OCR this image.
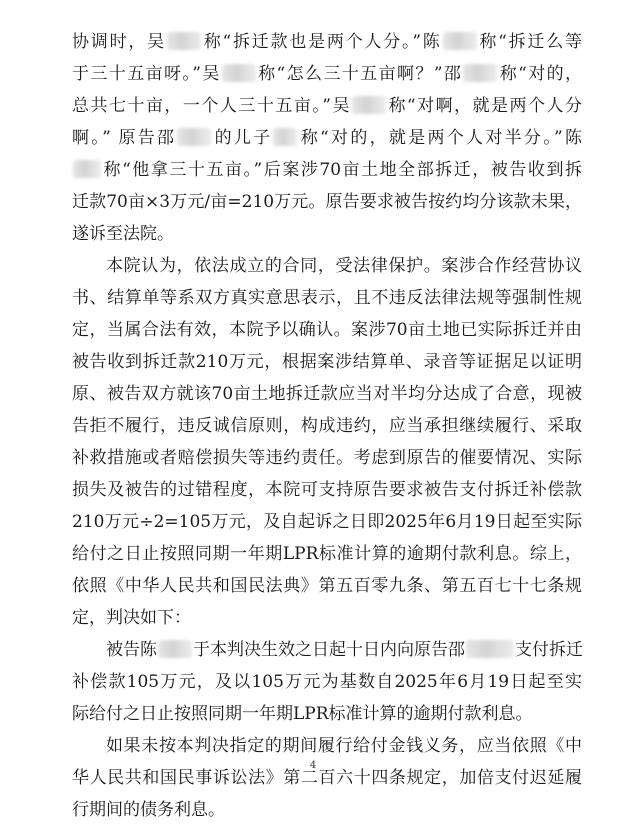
协调时，吴 称“拆迁款也是两个人分。”陈 称“拆迁么等
于三十五亩呀。”吴 称“怎么三十五亩啊？”邵 称“对的，
总共七十亩，一个人三十五亩。”吴 称“对啊，就是两个人分
啊。” 原告邵 的儿子 称“对的，就是两个人对半分。”陈
称“他拿三十五亩。”后案涉70亩土地全部拆迁，被告收到拆
迁款70亩×3万元/亩=210万元。原告要求被告按约均分该款未果，
遂诉至法院。
本院认为，依法成立的合同，受法律保护。案涉合作经营协议
书、结算单等系双方真实意思表示，且不违反法律法规等强制性规
定，当属合法有效，本院予以确认。案涉70亩土地已实际拆迁并由
被告收到拆迁款210万元，根据案涉结算单、录音等证据足以证明
原、被告双方就该70亩土地拆迁款应当对半均分达成了合意，现被
告拒不履行，违反诚信原则，构成违约，应当承担继续履行、采取
补救措施或者赔偿损失等违约责任。考虑到原告的催要情况、实际
损失及被告的过错程度，本院可支持原告要求被告支付拆迁补偿款
210万元÷2=105万元，及自起诉之日即2025年6月19日起至实际
给付之日止按照同期一年期LPR标准计算的逾期付款利息。综上，
依照《中华人民共和国民法典》第五百零九条、第五百七十七条规
定，判决如下：
被告陈 于本判决生效之日起十日内向原告邵	支付拆迁
补偿款105万元，及以105万元为基数自2025年6月19日起至实
际给付之日止按照同期一年期LPR标准计算的逾期付款利息。
如果未按本判决指定的期间履行给付金钱义务，应当依照《中
华人民共和国民事诉讼法》第二百六十四条规定，加倍支付迟延履
行期间的债务利息。
4
